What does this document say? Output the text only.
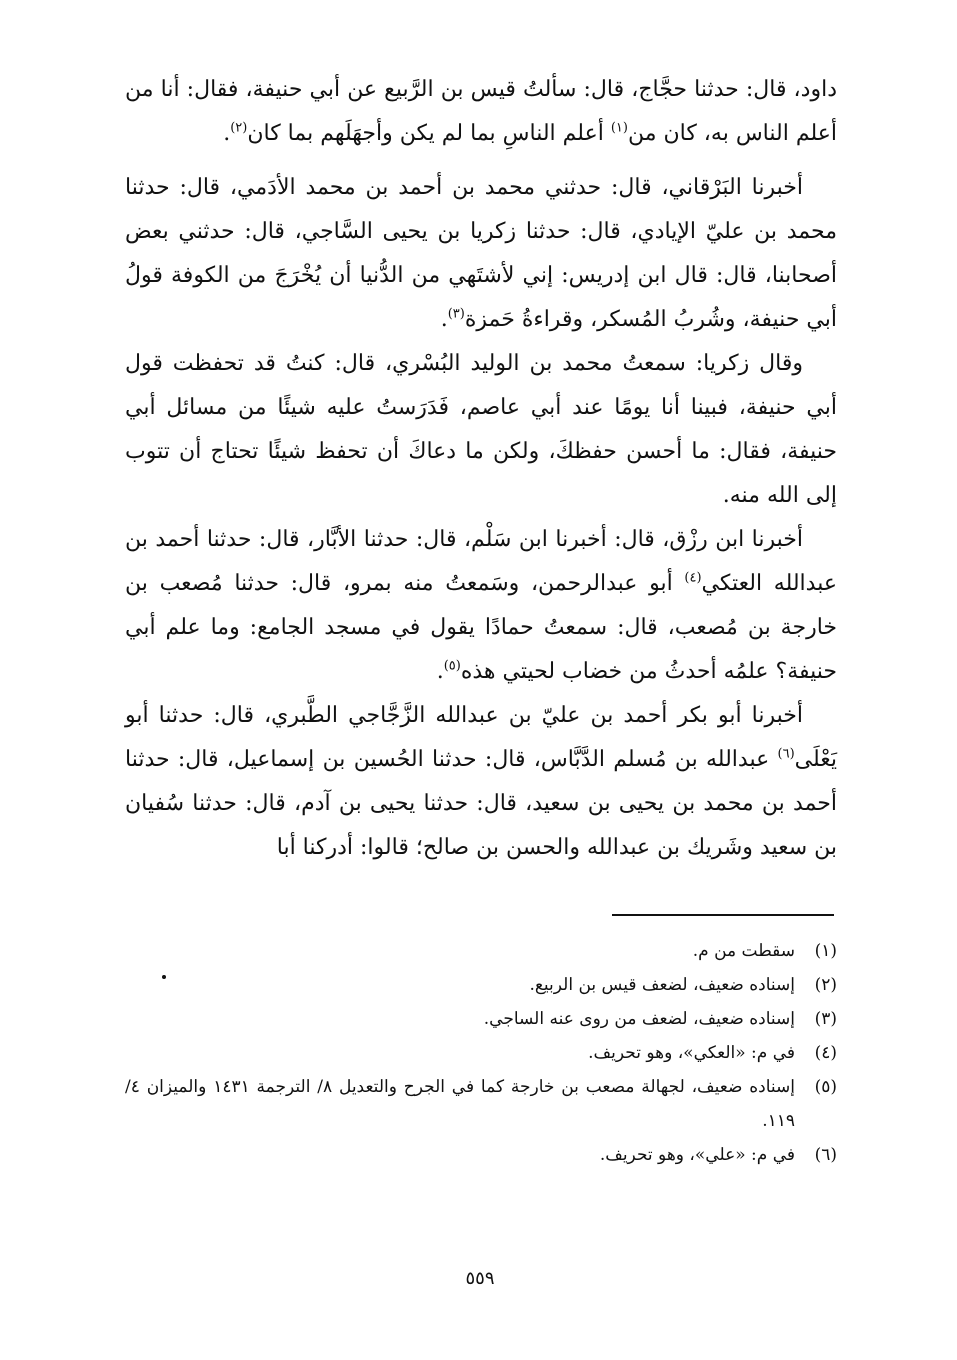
داود، قال: حدثنا حجَّاج، قال: سألتُ قيس بن الرَّبيع عن أبي حنيفة، فقال: أنا من أعلم الناس به، كان من$^{(١)}$ أعلم الناسِ بما لم يكن وأجهَلَهم بما كان$^{(٢)}$.

أخبرنا البَرْقاني، قال: حدثني محمد بن أحمد بن محمد الأدَمي، قال: حدثنا محمد بن عليّ الإيادي، قال: حدثنا زكريا بن يحيى السَّاجي، قال: حدثني بعض أصحابنا، قال: قال ابن إدريس: إني لأشتَهي من الدُّنيا أن يُخْرَجَ من الكوفة قولُ أبي حنيفة، وشُربُ المُسكر، وقراءةُ حَمزة$^{(٣)}$.

وقال زكريا: سمعتُ محمد بن الوليد البُسْري، قال: كنتُ قد تحفظت قول أبي حنيفة، فبينا أنا يومًا عند أبي عاصم، فَدَرَستُ عليه شيئًا من مسائل أبي حنيفة، فقال: ما أحسن حفظكَ، ولكن ما دعاكَ أن تحفظ شيئًا تحتاج أن تتوب إلى الله منه.

أخبرنا ابن رزْق، قال: أخبرنا ابن سَلْم، قال: حدثنا الأبَّار، قال: حدثنا أحمد بن عبدالله العتكي$^{(٤)}$ أبو عبدالرحمن، وسَمعتُ منه بمرو، قال: حدثنا مُصعب بن خارجة بن مُصعب، قال: سمعتُ حمادًا يقول في مسجد الجامع: وما علم أبي حنيفة؟ علمُه أحدثُ من خضاب لحيتي هذه$^{(٥)}$.

أخبرنا أبو بكر أحمد بن عليّ بن عبدالله الزَّجَّاجي الطَّبري، قال: حدثنا أبو يَعْلَى$^{(٦)}$ عبدالله بن مُسلم الدَّبَّاس، قال: حدثنا الحُسين بن إسماعيل، قال: حدثنا أحمد بن محمد بن يحيى بن سعيد، قال: حدثنا يحيى بن آدم، قال: حدثنا سُفيان بن سعيد وشَريك بن عبدالله والحسن بن صالح؛ قالوا: أدركنا أبا

(١)
سقطت من م.
(٢)
إسناده ضعيف، لضعف قيس بن الربيع.
(٣)
إسناده ضعيف، لضعف من روى عنه الساجي.
(٤)
في م: «العكي»، وهو تحريف.
(٥)
إسناده ضعيف، لجهالة مصعب بن خارجة كما في الجرح والتعديل ٨/ الترجمة ١٤٣١ والميزان ٤/ ١١٩.
(٦)
في م: «علي»، وهو تحريف.
٥٥٩
